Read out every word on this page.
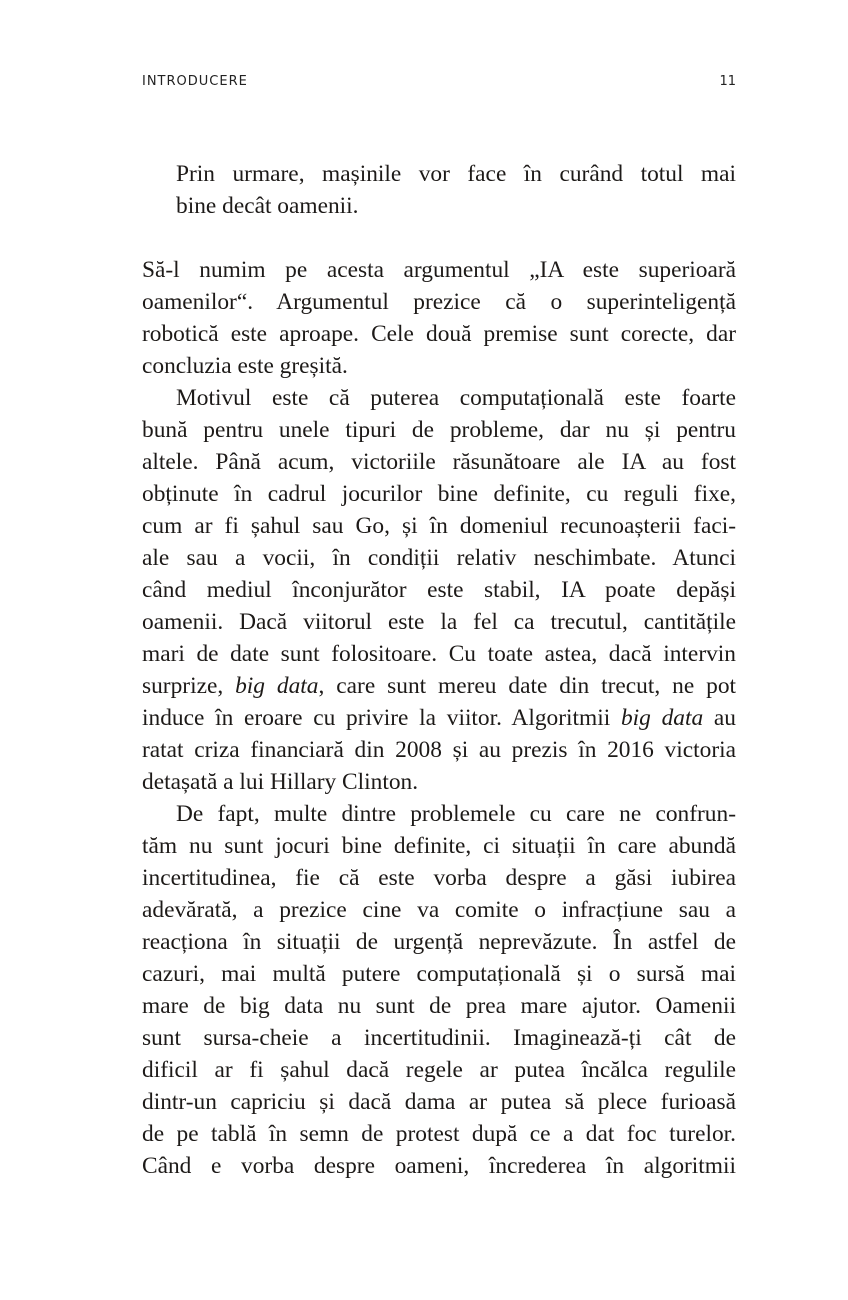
INTRODUCERE	11
Prin urmare, mașinile vor face în curând totul mai
bine decât oamenii.
Să-l numim pe acesta argumentul „IA este superioară
oamenilor“. Argumentul prezice că o superinteligență
robotică este aproape. Cele două premise sunt corecte, dar
concluzia este greșită.
Motivul este că puterea computațională este foarte
bună pentru unele tipuri de probleme, dar nu și pentru
altele. Până acum, victoriile răsunătoare ale IA au fost
obținute în cadrul jocurilor bine definite, cu reguli fixe,
cum ar fi șahul sau Go, și în domeniul recunoașterii faci-
ale sau a vocii, în condiții relativ neschimbate. Atunci
când mediul înconjurător este stabil, IA poate depăși
oamenii. Dacă viitorul este la fel ca trecutul, cantitățile
mari de date sunt folositoare. Cu toate astea, dacă intervin
surprize, big data, care sunt mereu date din trecut, ne pot
induce în eroare cu privire la viitor. Algoritmii big data au
ratat criza financiară din 2008 și au prezis în 2016 victoria
detașată a lui Hillary Clinton.
De fapt, multe dintre problemele cu care ne confrun-
tăm nu sunt jocuri bine definite, ci situații în care abundă
incertitudinea, fie că este vorba despre a găsi iubirea
adevărată, a prezice cine va comite o infracțiune sau a
reacționa în situații de urgență neprevăzute. În astfel de
cazuri, mai multă putere computațională și o sursă mai
mare de big data nu sunt de prea mare ajutor. Oamenii
sunt sursa-cheie a incertitudinii. Imaginează-ți cât de
dificil ar fi șahul dacă regele ar putea încălca regulile
dintr-un capriciu și dacă dama ar putea să plece furioasă
de pe tablă în semn de protest după ce a dat foc turelor.
Când e vorba despre oameni, încrederea în algoritmii
